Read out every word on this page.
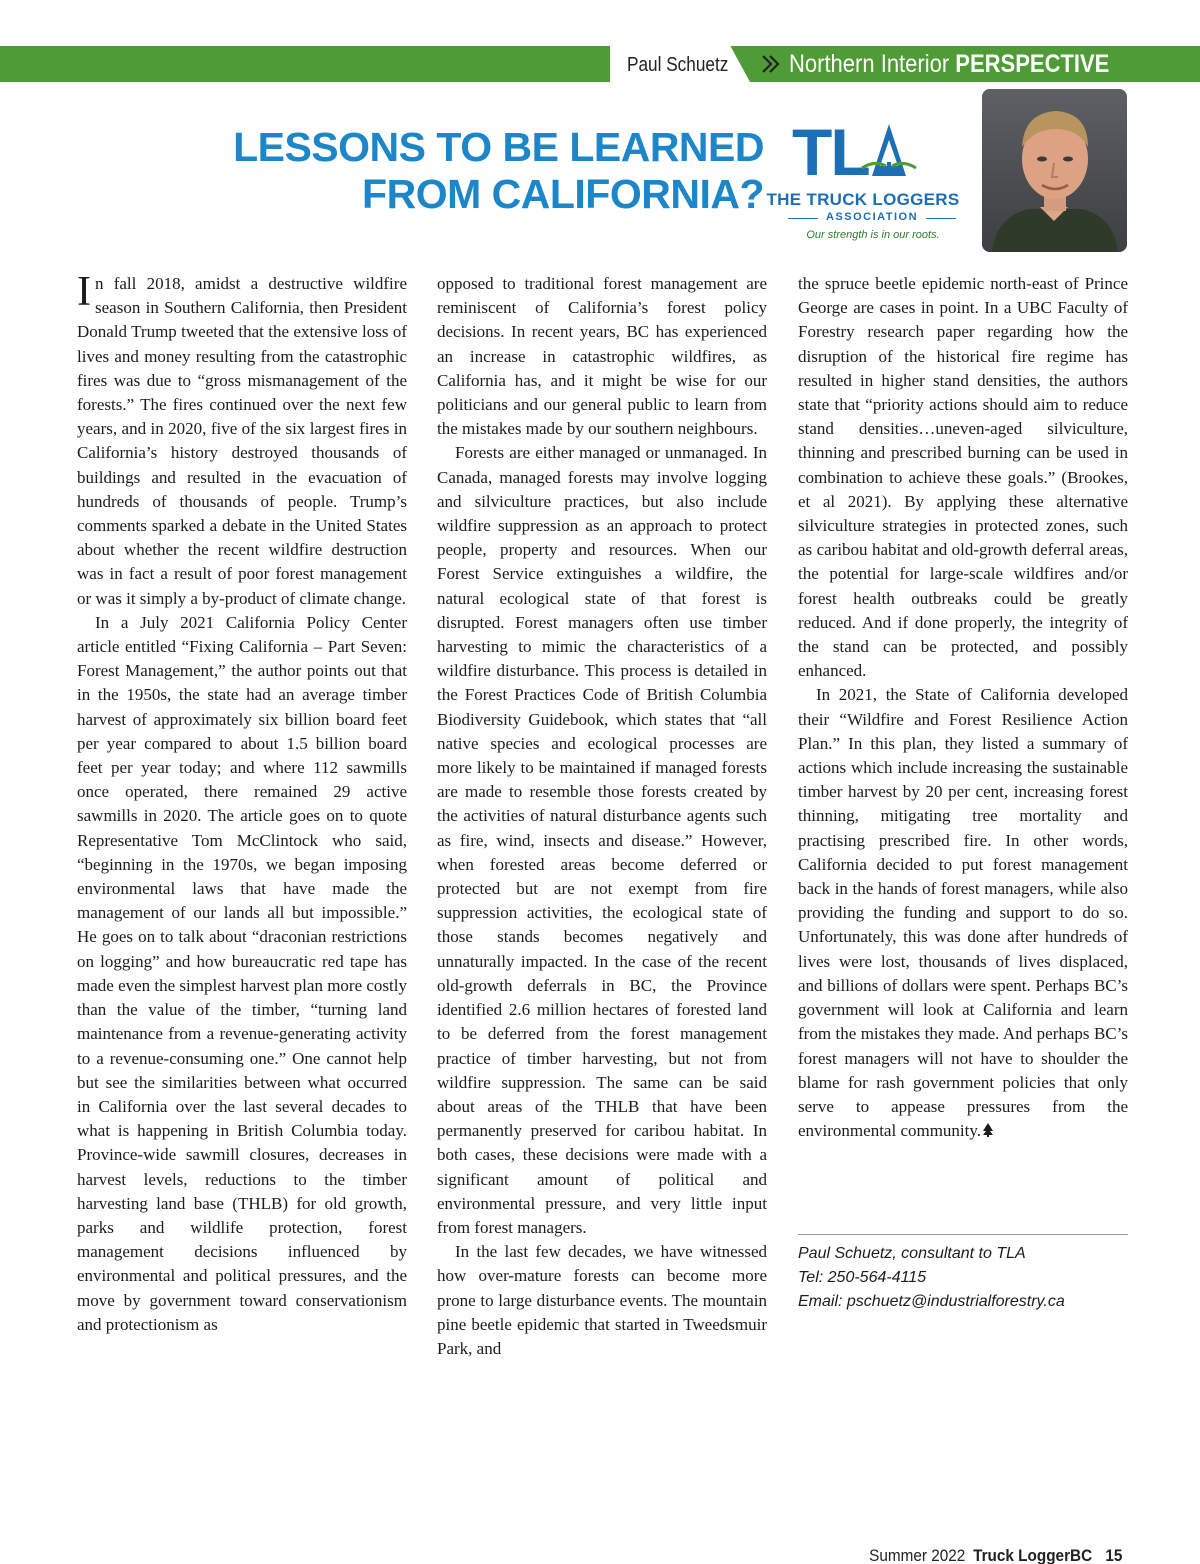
Paul Schuetz Northern Interior PERSPECTIVE
LESSONS TO BE LEARNED
FROM CALIFORNIA?
TL
THE TRUCK LOGGERS
ASSOCIATION
Our strength is in our roots.

In fall 2018, amidst a destructive wildfire season in Southern California, then President Donald Trump tweeted that the extensive loss of lives and money resulting from the catastrophic fires was due to “gross mismanagement of the forests.” The fires continued over the next few years, and in 2020, five of the six largest fires in California’s history destroyed thousands of buildings and resulted in the evacuation of hundreds of thousands of people. Trump’s comments sparked a debate in the United States about whether the recent wildfire destruction was in fact a result of poor forest management or was it simply a by-product of climate change.

In a July 2021 California Policy Center article entitled “Fixing California – Part Seven: Forest Management,” the author points out that in the 1950s, the state had an average timber harvest of approximately six billion board feet per year compared to about 1.5 billion board feet per year today; and where 112 sawmills once operated, there remained 29 active sawmills in 2020. The article goes on to quote Representative Tom McClintock who said, “beginning in the 1970s, we began imposing environmental laws that have made the management of our lands all but impossible.” He goes on to talk about “draconian restrictions on logging” and how bureaucratic red tape has made even the simplest harvest plan more costly than the value of the timber, “turning land maintenance from a revenue-generating activity to a revenue-consuming one.” One cannot help but see the similarities between what occurred in California over the last several decades to what is happening in British Columbia today. Province-wide sawmill closures, decreases in harvest levels, reductions to the timber harvesting land base (THLB) for old growth, parks and wildlife protection, forest management decisions influenced by environmental and political pressures, and the move by government toward conservationism and protectionism as

opposed to traditional forest management are reminiscent of California’s forest policy decisions. In recent years, BC has experienced an increase in catastrophic wildfires, as California has, and it might be wise for our politicians and our general public to learn from the mistakes made by our southern neighbours.

Forests are either managed or unmanaged. In Canada, managed forests may involve logging and silviculture practices, but also include wildfire suppression as an approach to protect people, property and resources. When our Forest Service extinguishes a wildfire, the natural ecological state of that forest is disrupted. Forest managers often use timber harvesting to mimic the characteristics of a wildfire disturbance. This process is detailed in the Forest Practices Code of British Columbia Biodiversity Guidebook, which states that “all native species and ecological processes are more likely to be maintained if managed forests are made to resemble those forests created by the activities of natural disturbance agents such as fire, wind, insects and disease.” However, when forested areas become deferred or protected but are not exempt from fire suppression activities, the ecological state of those stands becomes negatively and unnaturally impacted. In the case of the recent old-growth deferrals in BC, the Province identified 2.6 million hectares of forested land to be deferred from the forest management practice of timber harvesting, but not from wildfire suppression. The same can be said about areas of the THLB that have been permanently preserved for caribou habitat. In both cases, these decisions were made with a significant amount of political and environmental pressure, and very little input from forest managers.

In the last few decades, we have witnessed how over-mature forests can become more prone to large disturbance events. The mountain pine beetle epidemic that started in Tweedsmuir Park, and

the spruce beetle epidemic north-east of Prince George are cases in point. In a UBC Faculty of Forestry research paper regarding how the disruption of the historical fire regime has resulted in higher stand densities, the authors state that “priority actions should aim to reduce stand densities…uneven-aged silviculture, thinning and prescribed burning can be used in combination to achieve these goals.” (Brookes, et al 2021). By applying these alternative silviculture strategies in protected zones, such as caribou habitat and old-growth deferral areas, the potential for large-scale wildfires and/or forest health outbreaks could be greatly reduced. And if done properly, the integrity of the stand can be protected, and possibly enhanced.

In 2021, the State of California developed their “Wildfire and Forest Resilience Action Plan.” In this plan, they listed a summary of actions which include increasing the sustainable timber harvest by 20 per cent, increasing forest thinning, mitigating tree mortality and practising prescribed fire. In other words, California decided to put forest management back in the hands of forest managers, while also providing the funding and support to do so. Unfortunately, this was done after hundreds of lives were lost, thousands of lives displaced, and billions of dollars were spent. Perhaps BC’s government will look at California and learn from the mistakes they made. And perhaps BC’s forest managers will not have to shoulder the blame for rash government policies that only serve to appease pressures from the environmental community.

Paul Schuetz, consultant to TLA
Tel: 250-564-4115
Email: pschuetz@industrialforestry.ca
Summer 2022 Truck LoggerBC 15
